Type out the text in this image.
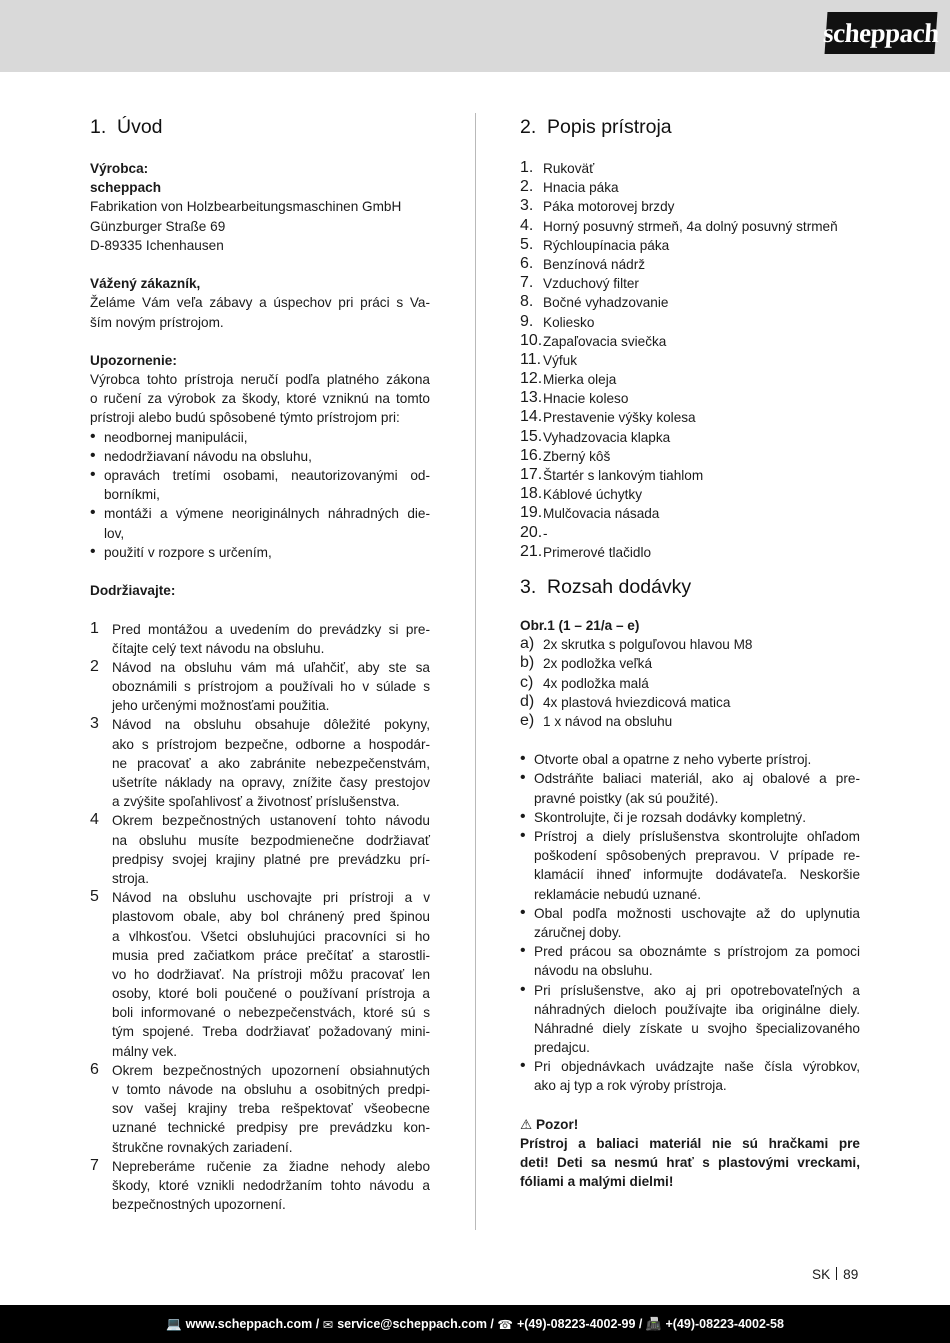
scheppach
1. Úvod
Výrobca:
scheppach
Fabrikation von Holzbearbeitungsmaschinen GmbH
Günzburger Straße 69
D-89335 Ichenhausen
Vážený zákazník,
Želáme Vám veľa zábavy a úspechov pri práci s Va-
ším novým prístrojom.
Upozornenie:
Výrobca tohto prístroja neručí podľa platného zákona
o ručení za výrobok za škody, ktoré vzniknú na tomto
prístroji alebo budú spôsobené týmto prístrojom pri:
• neodbornej manipulácii,
• nedodržiavaní návodu na obsluhu,
• opravách tretími osobami, neautorizovanými od-
borníkmi,
• montáži a výmene neoriginálnych náhradných die-
lov,
• použití v rozpore s určením,
Dodržiavajte:
1 Pred montážou a uvedením do prevádzky si pre-
čítajte celý text návodu na obsluhu.
2 Návod na obsluhu vám má uľahčiť, aby ste sa
oboznámili s prístrojom a používali ho v súlade s
jeho určenými možnosťami použitia.
3 Návod na obsluhu obsahuje dôležité pokyny,
ako s prístrojom bezpečne, odborne a hospodár-
ne pracovať a ako zabránite nebezpečenstvám,
ušetríte náklady na opravy, znížite časy prestojov
a zvýšite spoľahlivosť a životnosť príslušenstva.
4 Okrem bezpečnostných ustanovení tohto návodu
na obsluhu musíte bezpodmienečne dodržiavať
predpisy svojej krajiny platné pre prevádzku prí-
stroja.
5 Návod na obsluhu uschovajte pri prístroji a v
plastovom obale, aby bol chránený pred špinou
a vlhkosťou. Všetci obsluhujúci pracovníci si ho
musia pred začiatkom práce prečítať a starostli-
vo ho dodržiavať. Na prístroji môžu pracovať len
osoby, ktoré boli poučené o používaní prístroja a
boli informované o nebezpečenstvách, ktoré sú s
tým spojené. Treba dodržiavať požadovaný mini-
málny vek.
6 Okrem bezpečnostných upozornení obsiahnutých
v tomto návode na obsluhu a osobitných predpi-
sov vašej krajiny treba rešpektovať všeobecne
uznané technické predpisy pre prevádzku kon-
štrukčne rovnakých zariadení.
7 Nepreberáme ručenie za žiadne nehody alebo
škody, ktoré vznikli nedodržaním tohto návodu a
bezpečnostných upozornení.
2. Popis prístroja
1. Rukoväť
2. Hnacia páka
3. Páka motorovej brzdy
4. Horný posuvný strmeň, 4a dolný posuvný strmeň
5. Rýchloupínacia páka
6. Benzínová nádrž
7. Vzduchový filter
8. Bočné vyhadzovanie
9. Koliesko
10. Zapaľovacia sviečka
11. Výfuk
12. Mierka oleja
13. Hnacie koleso
14. Prestavenie výšky kolesa
15. Vyhadzovacia klapka
16. Zberný kôš
17. Štartér s lankovým tiahlom
18. Káblové úchytky
19. Mulčovacia násada
20. -
21. Primerové tlačidlo
3. Rozsah dodávky
Obr.1 (1 – 21/a – e)
a) 2x skrutka s polguľovou hlavou M8
b) 2x podložka veľká
c) 4x podložka malá
d) 4x plastová hviezdicová matica
e) 1 x návod na obsluhu
• Otvorte obal a opatrne z neho vyberte prístroj.
• Odstráňte baliaci materiál, ako aj obalové a pre-
pravné poistky (ak sú použité).
• Skontrolujte, či je rozsah dodávky kompletný.
• Prístroj a diely príslušenstva skontrolujte ohľadom
poškodení spôsobených prepravou. V prípade re-
klamácií ihneď informujte dodávateľa. Neskoršie
reklamácie nebudú uznané.
• Obal podľa možnosti uschovajte až do uplynutia
záručnej doby.
• Pred prácou sa oboznámte s prístrojom za pomoci
návodu na obsluhu.
• Pri príslušenstve, ako aj pri opotrebovateľných a
náhradných dieloch používajte iba originálne diely.
Náhradné diely získate u svojho špecializovaného
predajcu.
• Pri objednávkach uvádzajte naše čísla výrobkov,
ako aj typ a rok výroby prístroja.
⚠ Pozor!
Prístroj a baliaci materiál nie sú hračkami pre
deti! Deti sa nesmú hrať s plastovými vreckami,
fóliami a malými dielmi!
SK 89
💻 www.scheppach.com /
✉ service@scheppach.com /
☎ +(49)-08223-4002-99 /
📠 +(49)-08223-4002-58
